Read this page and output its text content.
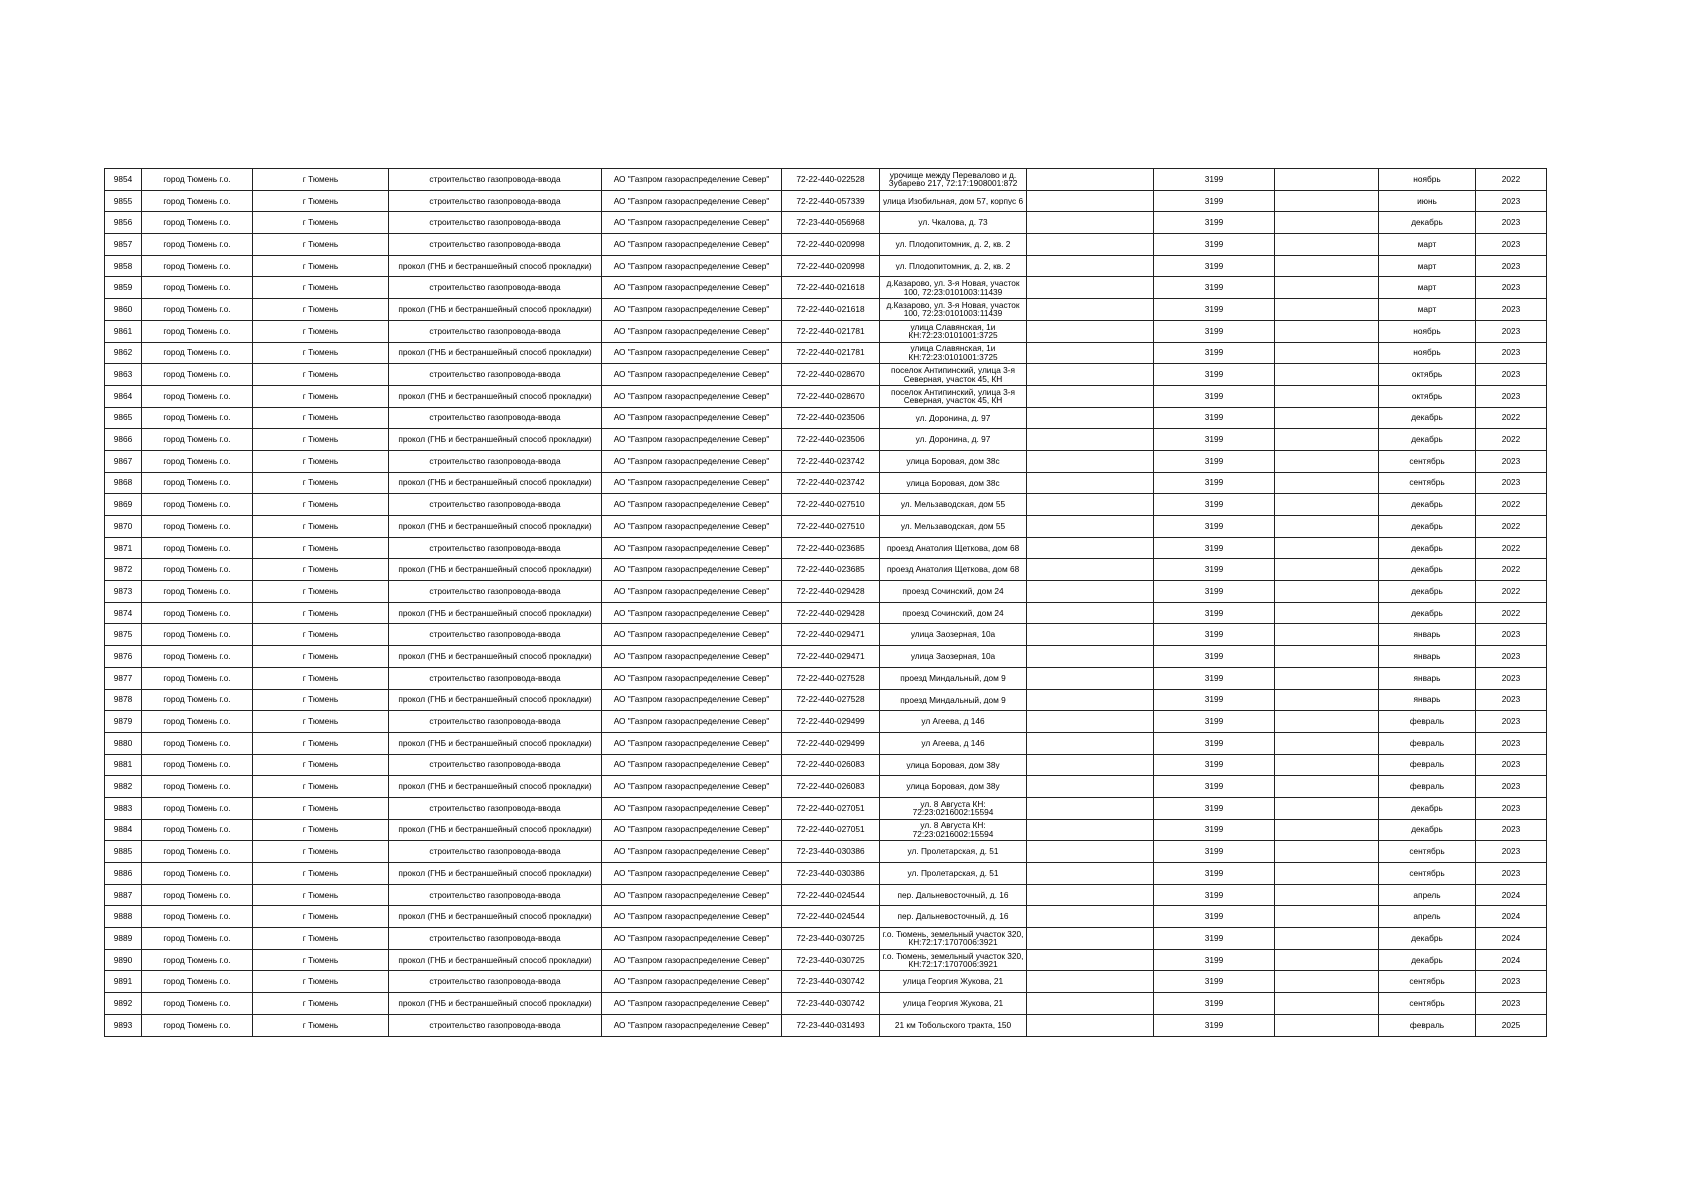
9854	город Тюмень г.о.	г Тюмень	строительство газопровода-ввода	АО "Газпром газораспределение Север"	72-22-440-022528	урочище между Перевалово и д. Зубарево 217, 72:17:1908001:872		3199		ноябрь	2022
9855	город Тюмень г.о.	г Тюмень	строительство газопровода-ввода	АО "Газпром газораспределение Север"	72-22-440-057339	улица Изобильная, дом 57, корпус 6		3199		июнь	2023
9856	город Тюмень г.о.	г Тюмень	строительство газопровода-ввода	АО "Газпром газораспределение Север"	72-23-440-056968	ул. Чкалова, д. 73		3199		декабрь	2023
9857	город Тюмень г.о.	г Тюмень	строительство газопровода-ввода	АО "Газпром газораспределение Север"	72-22-440-020998	ул. Плодопитомник, д. 2, кв. 2		3199		март	2023
9858	город Тюмень г.о.	г Тюмень	прокол (ГНБ и бестраншейный способ прокладки)	АО "Газпром газораспределение Север"	72-22-440-020998	ул. Плодопитомник, д. 2, кв. 2		3199		март	2023
9859	город Тюмень г.о.	г Тюмень	строительство газопровода-ввода	АО "Газпром газораспределение Север"	72-22-440-021618	д.Казарово, ул. 3-я Новая, участок 100, 72:23:0101003:11439		3199		март	2023
9860	город Тюмень г.о.	г Тюмень	прокол (ГНБ и бестраншейный способ прокладки)	АО "Газпром газораспределение Север"	72-22-440-021618	д.Казарово, ул. 3-я Новая, участок 100, 72:23:0101003:11439		3199		март	2023
9861	город Тюмень г.о.	г Тюмень	строительство газопровода-ввода	АО "Газпром газораспределение Север"	72-22-440-021781	улица Славянская, 1и КН:72:23:0101001:3725		3199		ноябрь	2023
9862	город Тюмень г.о.	г Тюмень	прокол (ГНБ и бестраншейный способ прокладки)	АО "Газпром газораспределение Север"	72-22-440-021781	улица Славянская, 1и КН:72:23:0101001:3725		3199		ноябрь	2023
9863	город Тюмень г.о.	г Тюмень	строительство газопровода-ввода	АО "Газпром газораспределение Север"	72-22-440-028670	поселок Антипинский, улица 3-я Северная, участок 45, КН		3199		октябрь	2023
9864	город Тюмень г.о.	г Тюмень	прокол (ГНБ и бестраншейный способ прокладки)	АО "Газпром газораспределение Север"	72-22-440-028670	поселок Антипинский, улица 3-я Северная, участок 45, КН		3199		октябрь	2023
9865	город Тюмень г.о.	г Тюмень	строительство газопровода-ввода	АО "Газпром газораспределение Север"	72-22-440-023506	ул. Доронина, д. 97		3199		декабрь	2022
9866	город Тюмень г.о.	г Тюмень	прокол (ГНБ и бестраншейный способ прокладки)	АО "Газпром газораспределение Север"	72-22-440-023506	ул. Доронина, д. 97		3199		декабрь	2022
9867	город Тюмень г.о.	г Тюмень	строительство газопровода-ввода	АО "Газпром газораспределение Север"	72-22-440-023742	улица Боровая, дом 38с		3199		сентябрь	2023
9868	город Тюмень г.о.	г Тюмень	прокол (ГНБ и бестраншейный способ прокладки)	АО "Газпром газораспределение Север"	72-22-440-023742	улица Боровая, дом 38с		3199		сентябрь	2023
9869	город Тюмень г.о.	г Тюмень	строительство газопровода-ввода	АО "Газпром газораспределение Север"	72-22-440-027510	ул. Мельзаводская, дом 55		3199		декабрь	2022
9870	город Тюмень г.о.	г Тюмень	прокол (ГНБ и бестраншейный способ прокладки)	АО "Газпром газораспределение Север"	72-22-440-027510	ул. Мельзаводская, дом 55		3199		декабрь	2022
9871	город Тюмень г.о.	г Тюмень	строительство газопровода-ввода	АО "Газпром газораспределение Север"	72-22-440-023685	проезд Анатолия Щеткова, дом 68		3199		декабрь	2022
9872	город Тюмень г.о.	г Тюмень	прокол (ГНБ и бестраншейный способ прокладки)	АО "Газпром газораспределение Север"	72-22-440-023685	проезд Анатолия Щеткова, дом 68		3199		декабрь	2022
9873	город Тюмень г.о.	г Тюмень	строительство газопровода-ввода	АО "Газпром газораспределение Север"	72-22-440-029428	проезд Сочинский, дом 24		3199		декабрь	2022
9874	город Тюмень г.о.	г Тюмень	прокол (ГНБ и бестраншейный способ прокладки)	АО "Газпром газораспределение Север"	72-22-440-029428	проезд Сочинский, дом 24		3199		декабрь	2022
9875	город Тюмень г.о.	г Тюмень	строительство газопровода-ввода	АО "Газпром газораспределение Север"	72-22-440-029471	улица Заозерная, 10а		3199		январь	2023
9876	город Тюмень г.о.	г Тюмень	прокол (ГНБ и бестраншейный способ прокладки)	АО "Газпром газораспределение Север"	72-22-440-029471	улица Заозерная, 10а		3199		январь	2023
9877	город Тюмень г.о.	г Тюмень	строительство газопровода-ввода	АО "Газпром газораспределение Север"	72-22-440-027528	проезд Миндальный, дом 9		3199		январь	2023
9878	город Тюмень г.о.	г Тюмень	прокол (ГНБ и бестраншейный способ прокладки)	АО "Газпром газораспределение Север"	72-22-440-027528	проезд Миндальный, дом 9		3199		январь	2023
9879	город Тюмень г.о.	г Тюмень	строительство газопровода-ввода	АО "Газпром газораспределение Север"	72-22-440-029499	ул Агеева, д 146		3199		февраль	2023
9880	город Тюмень г.о.	г Тюмень	прокол (ГНБ и бестраншейный способ прокладки)	АО "Газпром газораспределение Север"	72-22-440-029499	ул Агеева, д 146		3199		февраль	2023
9881	город Тюмень г.о.	г Тюмень	строительство газопровода-ввода	АО "Газпром газораспределение Север"	72-22-440-026083	улица Боровая, дом 38у		3199		февраль	2023
9882	город Тюмень г.о.	г Тюмень	прокол (ГНБ и бестраншейный способ прокладки)	АО "Газпром газораспределение Север"	72-22-440-026083	улица Боровая, дом 38у		3199		февраль	2023
9883	город Тюмень г.о.	г Тюмень	строительство газопровода-ввода	АО "Газпром газораспределение Север"	72-22-440-027051	ул. 8 Августа КН: 72:23:0216002:15594		3199		декабрь	2023
9884	город Тюмень г.о.	г Тюмень	прокол (ГНБ и бестраншейный способ прокладки)	АО "Газпром газораспределение Север"	72-22-440-027051	ул. 8 Августа КН: 72:23:0216002:15594		3199		декабрь	2023
9885	город Тюмень г.о.	г Тюмень	строительство газопровода-ввода	АО "Газпром газораспределение Север"	72-23-440-030386	ул. Пролетарская, д. 51		3199		сентябрь	2023
9886	город Тюмень г.о.	г Тюмень	прокол (ГНБ и бестраншейный способ прокладки)	АО "Газпром газораспределение Север"	72-23-440-030386	ул. Пролетарская, д. 51		3199		сентябрь	2023
9887	город Тюмень г.о.	г Тюмень	строительство газопровода-ввода	АО "Газпром газораспределение Север"	72-22-440-024544	пер. Дальневосточный, д. 16		3199		апрель	2024
9888	город Тюмень г.о.	г Тюмень	прокол (ГНБ и бестраншейный способ прокладки)	АО "Газпром газораспределение Север"	72-22-440-024544	пер. Дальневосточный, д. 16		3199		апрель	2024
9889	город Тюмень г.о.	г Тюмень	строительство газопровода-ввода	АО "Газпром газораспределение Север"	72-23-440-030725	г.о. Тюмень, земельный участок 320, КН:72:17:1707006:3921		3199		декабрь	2024
9890	город Тюмень г.о.	г Тюмень	прокол (ГНБ и бестраншейный способ прокладки)	АО "Газпром газораспределение Север"	72-23-440-030725	г.о. Тюмень, земельный участок 320, КН:72:17:1707006:3921		3199		декабрь	2024
9891	город Тюмень г.о.	г Тюмень	строительство газопровода-ввода	АО "Газпром газораспределение Север"	72-23-440-030742	улица Георгия Жукова, 21		3199		сентябрь	2023
9892	город Тюмень г.о.	г Тюмень	прокол (ГНБ и бестраншейный способ прокладки)	АО "Газпром газораспределение Север"	72-23-440-030742	улица Георгия Жукова, 21		3199		сентябрь	2023
9893	город Тюмень г.о.	г Тюмень	строительство газопровода-ввода	АО "Газпром газораспределение Север"	72-23-440-031493	21 км Тобольского тракта, 150		3199		февраль	2025
